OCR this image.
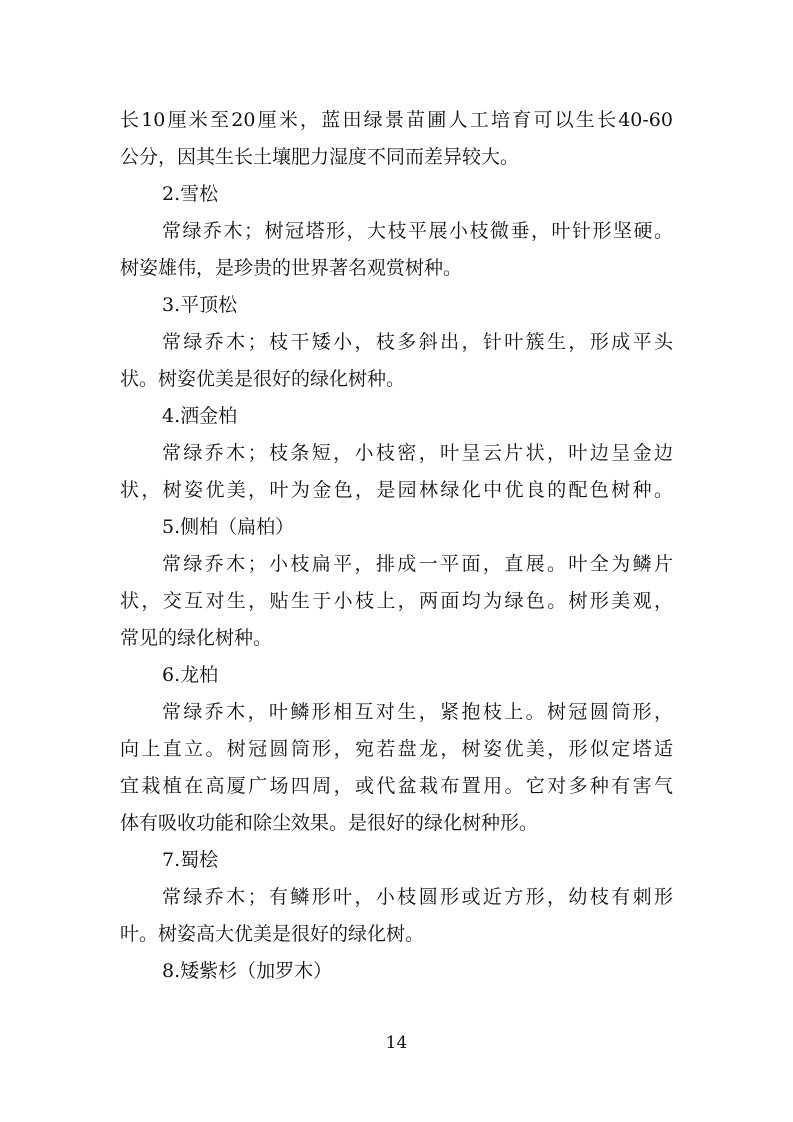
长10厘米至20厘米，蓝田绿景苗圃人工培育可以生长40-60
公分，因其生长土壤肥力湿度不同而差异较大。
2.雪松
常绿乔木；树冠塔形，大枝平展小枝微垂，叶针形坚硬。
树姿雄伟，是珍贵的世界著名观赏树种。
3.平顶松
常绿乔木；枝干矮小，枝多斜出，针叶簇生，形成平头
状。树姿优美是很好的绿化树种。
4.洒金柏
常绿乔木；枝条短，小枝密，叶呈云片状，叶边呈金边
状，树姿优美，叶为金色，是园林绿化中优良的配色树种。
5.侧柏（扁柏）
常绿乔木；小枝扁平，排成一平面，直展。叶全为鳞片
状，交互对生，贴生于小枝上，两面均为绿色。树形美观，
常见的绿化树种。
6.龙柏
常绿乔木，叶鳞形相互对生，紧抱枝上。树冠圆筒形，
向上直立。树冠圆筒形，宛若盘龙，树姿优美，形似定塔适
宜栽植在高厦广场四周，或代盆栽布置用。它对多种有害气
体有吸收功能和除尘效果。是很好的绿化树种形。
7.蜀桧
常绿乔木；有鳞形叶，小枝圆形或近方形，幼枝有刺形
叶。树姿高大优美是很好的绿化树。
8.矮紫杉（加罗木）
14
